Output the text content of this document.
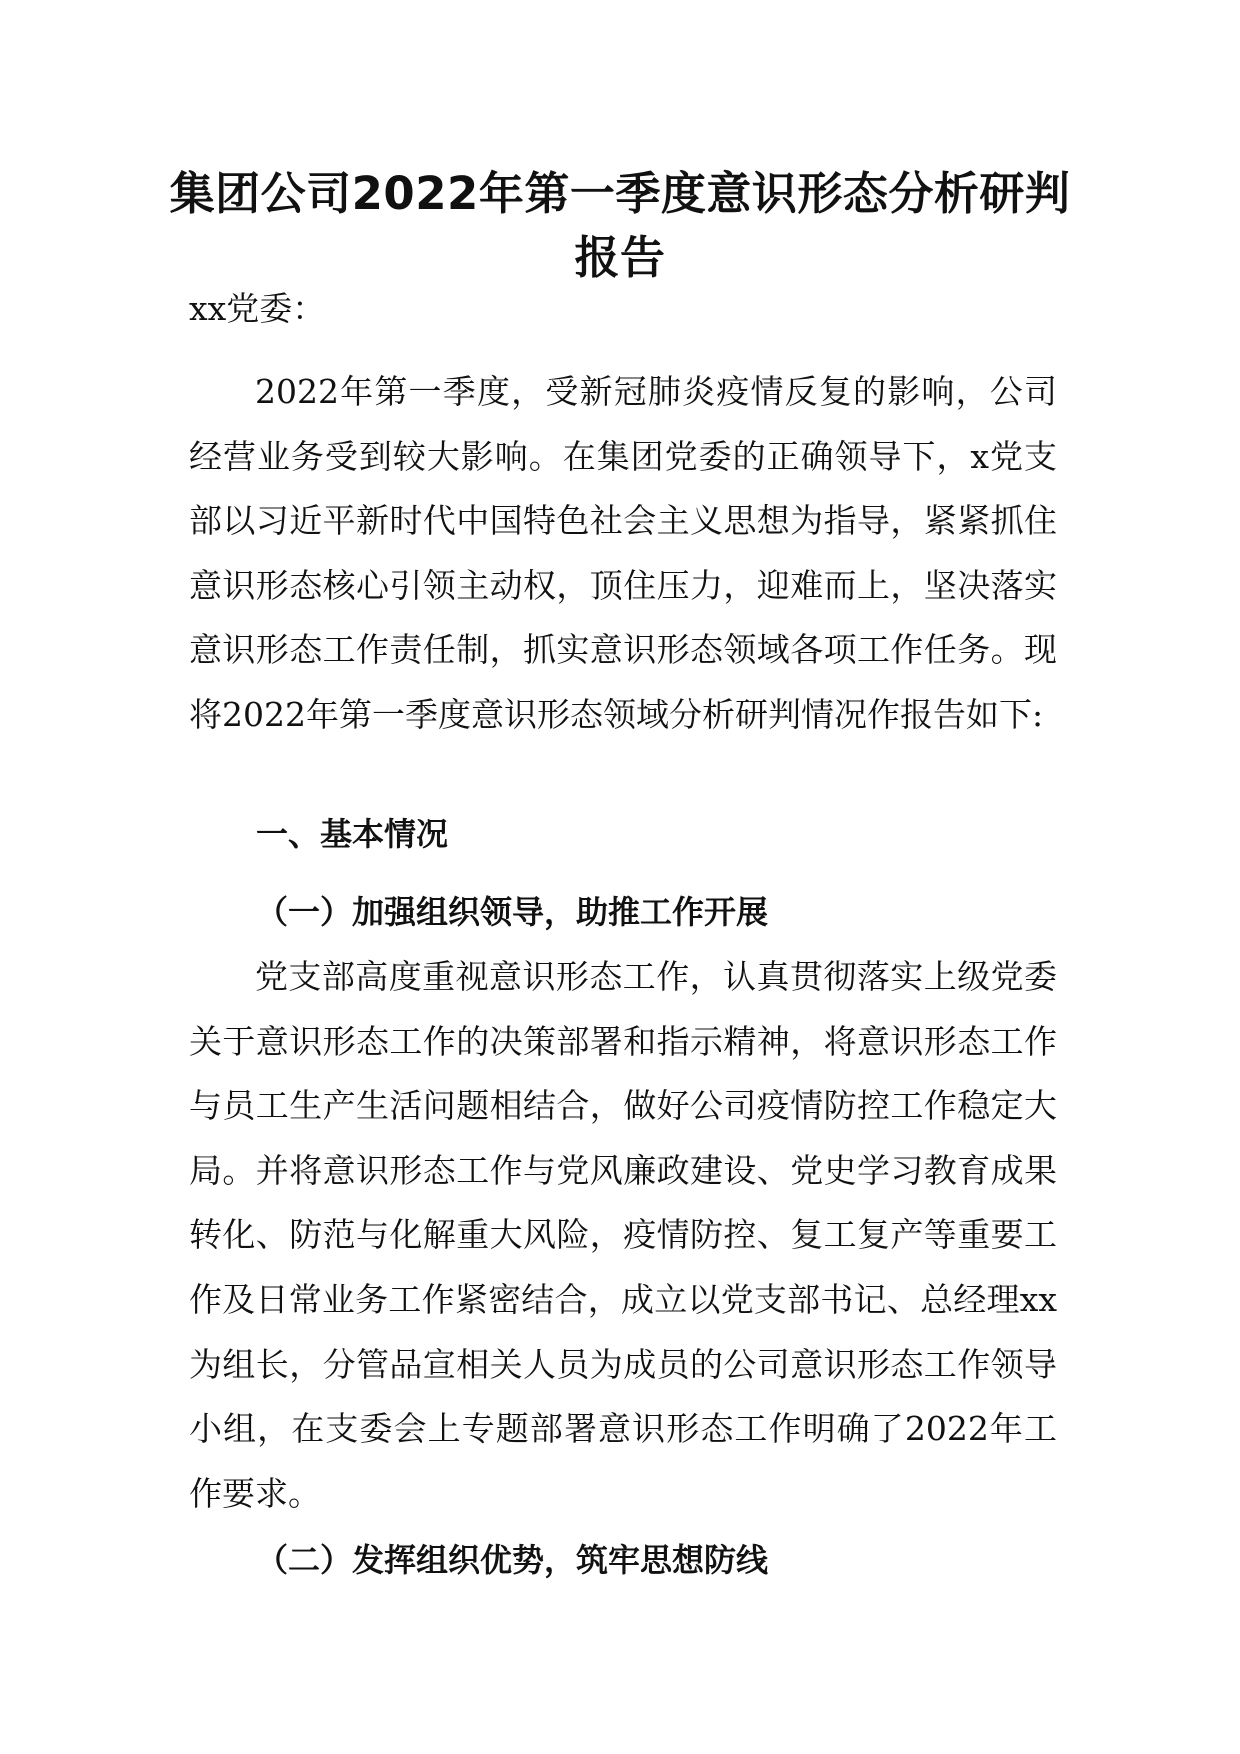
集团公司2022年第一季度意识形态分析研判报告

xx党委：

2022年第一季度，受新冠肺炎疫情反复的影响，公司经营业务受到较大影响。在集团党委的正确领导下，x党支部以习近平新时代中国特色社会主义思想为指导，紧紧抓住意识形态核心引领主动权，顶住压力，迎难而上，坚决落实意识形态工作责任制，抓实意识形态领域各项工作任务。现将2022年第一季度意识形态领域分析研判情况作报告如下:

一、基本情况
（一）加强组织领导，助推工作开展

党支部高度重视意识形态工作，认真贯彻落实上级党委关于意识形态工作的决策部署和指示精神，将意识形态工作与员工生产生活问题相结合，做好公司疫情防控工作稳定大局。并将意识形态工作与党风廉政建设、党史学习教育成果转化、防范与化解重大风险，疫情防控、复工复产等重要工作及日常业务工作紧密结合，成立以党支部书记、总经理xx为组长，分管品宣相关人员为成员的公司意识形态工作领导小组，在支委会上专题部署意识形态工作明确了2022年工作要求。

（二）发挥组织优势，筑牢思想防线
